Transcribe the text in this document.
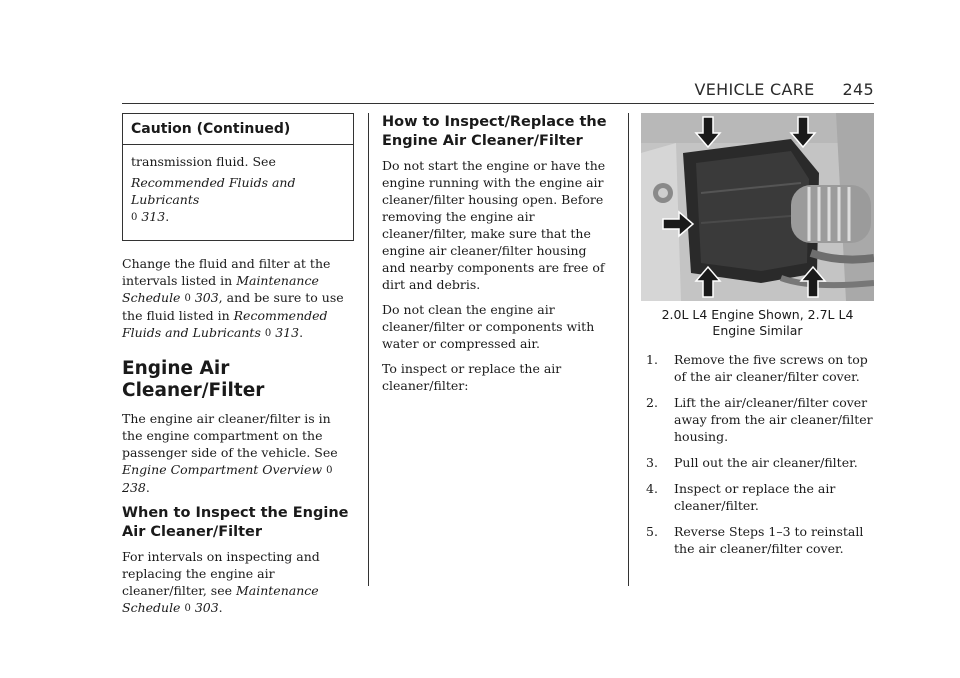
VEHICLE CARE 245
Caution (Continued)

transmission fluid. See

Recommended Fluids and Lubricants
0 313.

Change the fluid and filter at the intervals listed in Maintenance Schedule 0 303, and be sure to use the fluid listed in Recommended Fluids and Lubricants 0 313.

Engine Air Cleaner/Filter

The engine air cleaner/filter is in the engine compartment on the passenger side of the vehicle. See Engine Compartment Overview 0 238.

When to Inspect the Engine Air Cleaner/Filter

For intervals on inspecting and replacing the engine air cleaner/filter, see Maintenance Schedule 0 303.

How to Inspect/Replace the Engine Air Cleaner/Filter

Do not start the engine or have the engine running with the engine air cleaner/filter housing open. Before removing the engine air cleaner/filter, make sure that the engine air cleaner/filter housing and nearby components are free of dirt and debris.

Do not clean the engine air cleaner/filter or components with water or compressed air.

To inspect or replace the air cleaner/filter:

2.0L L4 Engine Shown, 2.7L L4 Engine Similar
1. Remove the five screws on top of the air cleaner/filter cover.
2. Lift the air/cleaner/filter cover away from the air cleaner/filter housing.
3. Pull out the air cleaner/filter.
4. Inspect or replace the air cleaner/filter.
5. Reverse Steps 1–3 to reinstall the air cleaner/filter cover.
